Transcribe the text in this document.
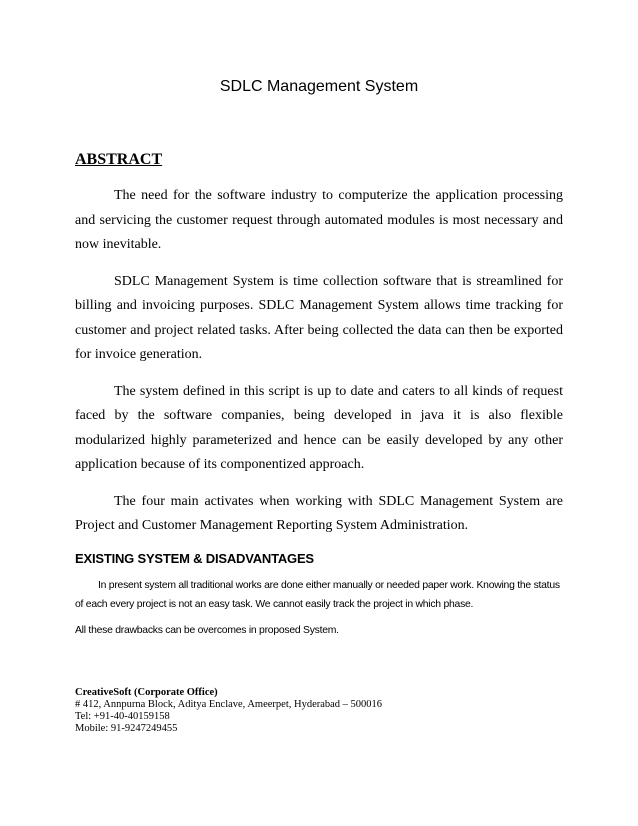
SDLC Management System
ABSTRACT

The need for the software industry to computerize the application processing and servicing the customer request through automated modules is most necessary and now inevitable.

SDLC Management System is time collection software that is streamlined for billing and invoicing purposes. SDLC Management System allows time tracking for customer and project related tasks. After being collected the data can then be exported for invoice generation.

The system defined in this script is up to date and caters to all kinds of request faced by the software companies, being developed in java it is also flexible modularized highly parameterized and hence can be easily developed by any other application because of its componentized approach.

The four main activates when working with SDLC Management System are Project and Customer Management Reporting System Administration.

EXISTING SYSTEM & DISADVANTAGES

In present system all traditional works are done either manually or needed paper work. Knowing the status of each every project is not an easy task. We cannot easily track the project in which phase.

All these drawbacks can be overcomes in proposed System.

CreativeSoft (Corporate Office)
# 412, Annpurna Block, Aditya Enclave, Ameerpet, Hyderabad – 500016
Tel: +91-40-40159158
Mobile: 91-9247249455
